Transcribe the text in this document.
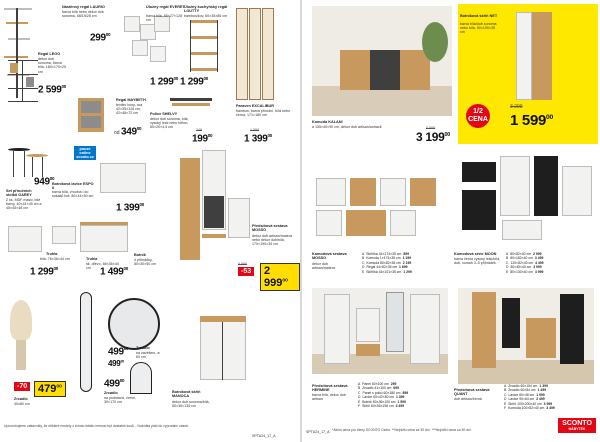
Nástěnný regál LAURIO
barva bílá nebo dekor dub sonoma, 68/19/28 cm
$299^{00}$
Úložný regál EVERET
barva bílá, 85×27×128 cm
1 $299^{00}$
Úložný kuchyňský regál LOUTTY
bambus/kov, 60×35×86 cm
1 $299^{00}$
Regál LEGO
dekor dub sonoma, barva bílá, 180×170×25 cm
2 $599^{00}$
Regál MAYBETH
textilní boxy, cca 42×35×126 cm, 42×48×72 cm
od $349^{00}$
Police SHELVY
dekor dub sonoma, bílá, vysoký lesk nebo beton, 60×20×4,5 cm
249
$199^{00}$
Paraven EXCALIBUR
bambus, barva přírodní, bílá nebo černá, 171×180 cm
1 599
1 $399^{00}$
$949^{00}$
Set příručních stolků GAREY
2 ks, MDF masiv, bílé barvy, 40×41×45 cm a 45×45×48 cm
pouze online sconto.cz
Botníková lavice ESPO II
barva bílá, vhodná i do sušáků bot, 80×44×50 cm
1 $399^{00}$
Truhla
bílá, 76×36×44 cm
1 $299^{00}$
Truhla
sk. dřevo, 66×36×44 cm 1 $499^{00}$
Botník
4 přihrádky, 80×30×50 cm
Předsíňová sestava MOSSO
dekor dub artisan/matera nebo dekor dub/bílá, 170×190×35 cm
5 999
-53	2 $999^{00}$
-70 $479^{00}$
Zrcadlo
40x80 cm
$499^{00}$
Zrcadlo
na podstavci, černé, 30×170 cm
$499^{00}$ Zrcadlo
na zavěšení, ø 60 cm
$499^{00}$
Botníková skříň MANOCA
dekor dub sonoma/bílá, 80×36×130 cm
Upozorňujeme zákazníky, že některé modely z tohoto letáku nemusí být dostatek kusů... Nabídka platí do vyprodání zásob.
SPTA24_17_A
Komoda KALANI
à 155×40×90 cm, dekor dub artisan/antracit	5 999
3 $199^{00}$
Botníková skříň NET
barva bílá/dub sonoma nebo bílá, 50×190×35 cm
1/2 CENA
3 299
1 $599^{00}$
Komodová sestava MOSSO
dekor dub artisan/matera
A Skříňka 44×174×35 cm 899
B Komoda 1×174×35 cm 1 199
C Komoda 80×82×35 cm 2 199
D Regál 44×82×35 cm 1 699
E Skříňka 44×101×35 cm 1 299
Komodová série MOON
barva černá vysoký lesk/bílá, dub, rozsah 3–5 přihrádek
A 80×82×40 cm 2 999
B 80×182×40 cm 3 499
C 120×82×40 cm 4 499
D 80×45×40 cm 3 999
E 80×130×40 cm 4 999
Předsíňová sestava HERMINE
barva bílá, dekor dub artisan
A Panel 60×100 cm 299
B Zrcadlo 41×100 cm 699
C Panel s policí 60×180 cm 899
D Lavice 60×42×50 cm 1 399
E Botník 60×36×100 cm 1 599
F Skříň 60×36×198 cm 3 499
Předsíňová sestava QUANT
dub artisan/černá
A Zrcadlo 60×154 cm 1 399
B Zrcadlo 60×84 cm 1 499
C Lavice 60×46 cm 1 999
D Lavice 90×64 cm 2 499
E Skříň 100×200×40 cm 3 999
F Komoda 100×82×40 cm 3 499
*Akční cena pro členy SCONTO Clubu. **Nejnižší cena za 30 dní. ***Nejnižší cena za 30 dní.
SPTA24_17_A
SCONTO
NÁBYTEK
